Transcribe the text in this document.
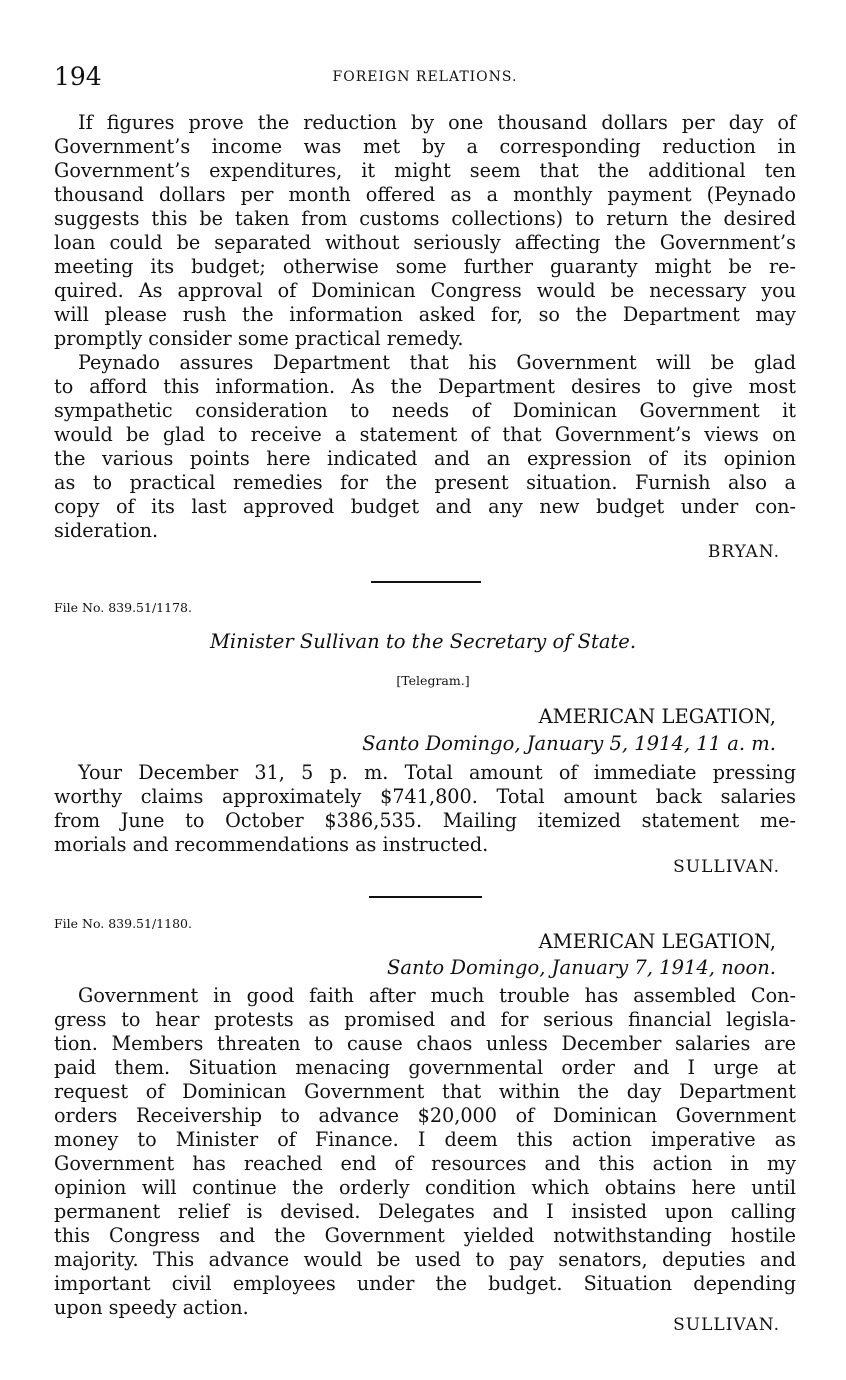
194	FOREIGN RELATIONS.
If figures prove the reduction by one thousand dollars per day of
Government’s income was met by a corresponding reduction in
Government’s expenditures, it might seem that the additional ten
thousand dollars per month offered as a monthly payment (Peynado
suggests this be taken from customs collections) to return the desired
loan could be separated without seriously affecting the Government’s
meeting its budget; otherwise some further guaranty might be re-
quired. As approval of Dominican Congress would be necessary you
will please rush the information asked for, so the Department may
promptly consider some practical remedy.
Peynado assures Department that his Government will be glad
to afford this information. As the Department desires to give most
sympathetic consideration to needs of Dominican Government it
would be glad to receive a statement of that Government’s views on
the various points here indicated and an expression of its opinion
as to practical remedies for the present situation. Furnish also a
copy of its last approved budget and any new budget under con-
sideration.
BRYAN.
File No. 839.51/1178.
Minister Sullivan to the Secretary of State.
[Telegram.]
AMERICAN LEGATION,
Santo Domingo, January 5, 1914, 11 a. m.
Your December 31, 5 p. m. Total amount of immediate pressing
worthy claims approximately $741,800. Total amount back salaries
from June to October $386,535. Mailing itemized statement me-
morials and recommendations as instructed.
SULLIVAN.
File No. 839.51/1180.
AMERICAN LEGATION,
Santo Domingo, January 7, 1914, noon.
Government in good faith after much trouble has assembled Con-
gress to hear protests as promised and for serious financial legisla-
tion. Members threaten to cause chaos unless December salaries are
paid them. Situation menacing governmental order and I urge at
request of Dominican Government that within the day Department
orders Receivership to advance $20,000 of Dominican Government
money to Minister of Finance. I deem this action imperative as
Government has reached end of resources and this action in my
opinion will continue the orderly condition which obtains here until
permanent relief is devised. Delegates and I insisted upon calling
this Congress and the Government yielded notwithstanding hostile
majority. This advance would be used to pay senators, deputies and
important civil employees under the budget. Situation depending
upon speedy action.
SULLIVAN.
